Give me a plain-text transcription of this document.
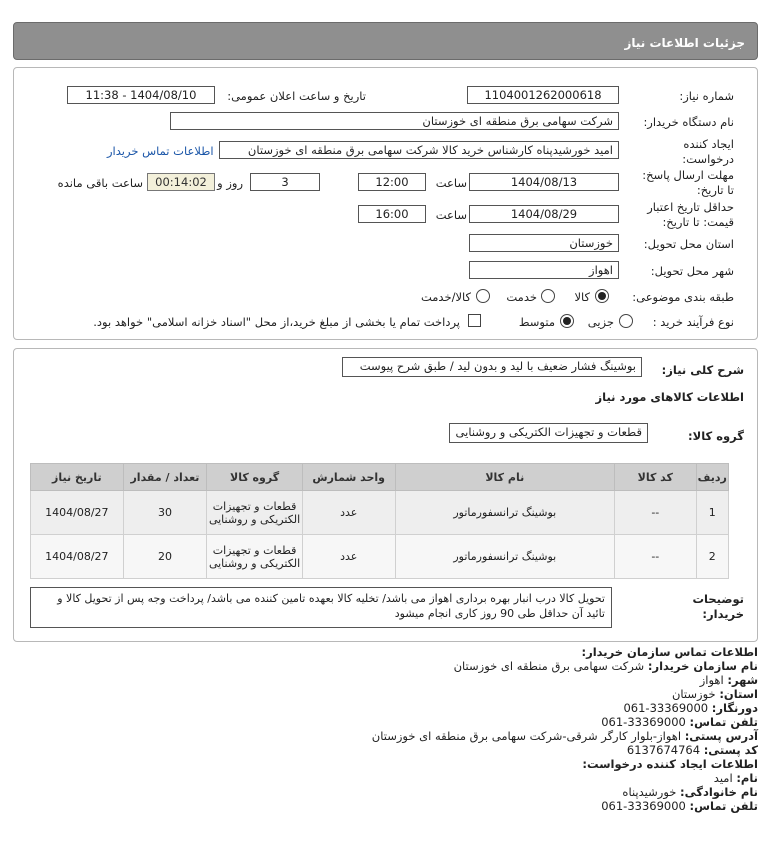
جزئیات اطلاعات نیاز
شماره نیاز:
1104001262000618
تاریخ و ساعت اعلان عمومی:
1404/08/10 - 11:38
نام دستگاه خریدار:
شرکت سهامی برق منطقه ای خوزستان
ایجاد کننده
درخواست:
امید خورشیدپناه کارشناس خرید کالا شرکت سهامی برق منطقه ای خوزستان
اطلاعات تماس خریدار
مهلت ارسال پاسخ:
تا تاریخ:
1404/08/13
ساعت
12:00
3
روز و
00:14:02
ساعت باقی مانده
حداقل تاریخ اعتبار
قیمت: تا تاریخ:
1404/08/29
ساعت
16:00
استان محل تحویل:
خوزستان
شهر محل تحویل:
اهواز
طبقه بندی موضوعی:
کالا
خدمت
کالا/خدمت
نوع فرآیند خرید :
جزیی
متوسط
پرداخت تمام یا بخشی از مبلغ خرید،از محل "اسناد خزانه اسلامی" خواهد بود.
شرح کلی نیاز:
بوشینگ فشار ضعیف با لید و بدون لید / طبق شرح پیوست
اطلاعات کالاهای مورد نیاز
گروه کالا:
قطعات و تجهیزات الکتریکی و روشنایی
ردیف	کد کالا	نام کالا	واحد شمارش	گروه کالا	تعداد / مقدار	تاریخ نیاز
1	--	بوشینگ ترانسفورماتور	عدد	قطعات و تجهیزات الکتریکی و روشنایی	30	1404/08/27
2	--	بوشینگ ترانسفورماتور	عدد	قطعات و تجهیزات الکتریکی و روشنایی	20	1404/08/27
توضیحات
خریدار:
تحویل کالا درب انبار بهره برداری اهواز می باشد/ تخلیه کالا بعهده تامین کننده می باشد/ پرداخت وجه پس از تحویل کالا و تائید آن حداقل طی 90 روز کاری انجام میشود
اطلاعات تماس سازمان خریدار:
نام سازمان خریدار: شرکت سهامی برق منطقه ای خوزستان
شهر: اهواز
استان: خوزستان
دورنگار: 061-33369000
تلفن تماس: 061-33369000
آدرس پستی: اهواز-بلوار کارگر شرقی-شرکت سهامی برق منطقه ای خوزستان
کد پستی: 6137674764
اطلاعات ایجاد کننده درخواست:
نام: امید
نام خانوادگی: خورشیدپناه
تلفن تماس: 061-33369000
